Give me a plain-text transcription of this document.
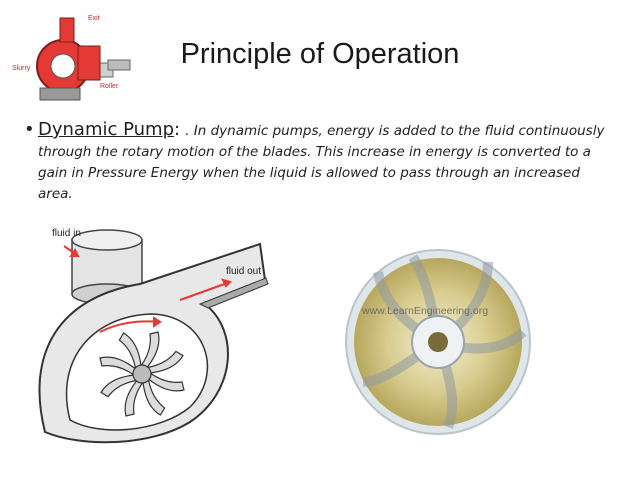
Exit
Slurry
Roller
Principle of Operation
• Dynamic Pump: . In dynamic pumps, energy is added to the fluid continuously through the rotary motion of the blades. This increase in energy is converted to a gain in Pressure Energy when the liquid is allowed to pass through an increased area.
fluid in
fluid out
www.LearnEngineering.org
